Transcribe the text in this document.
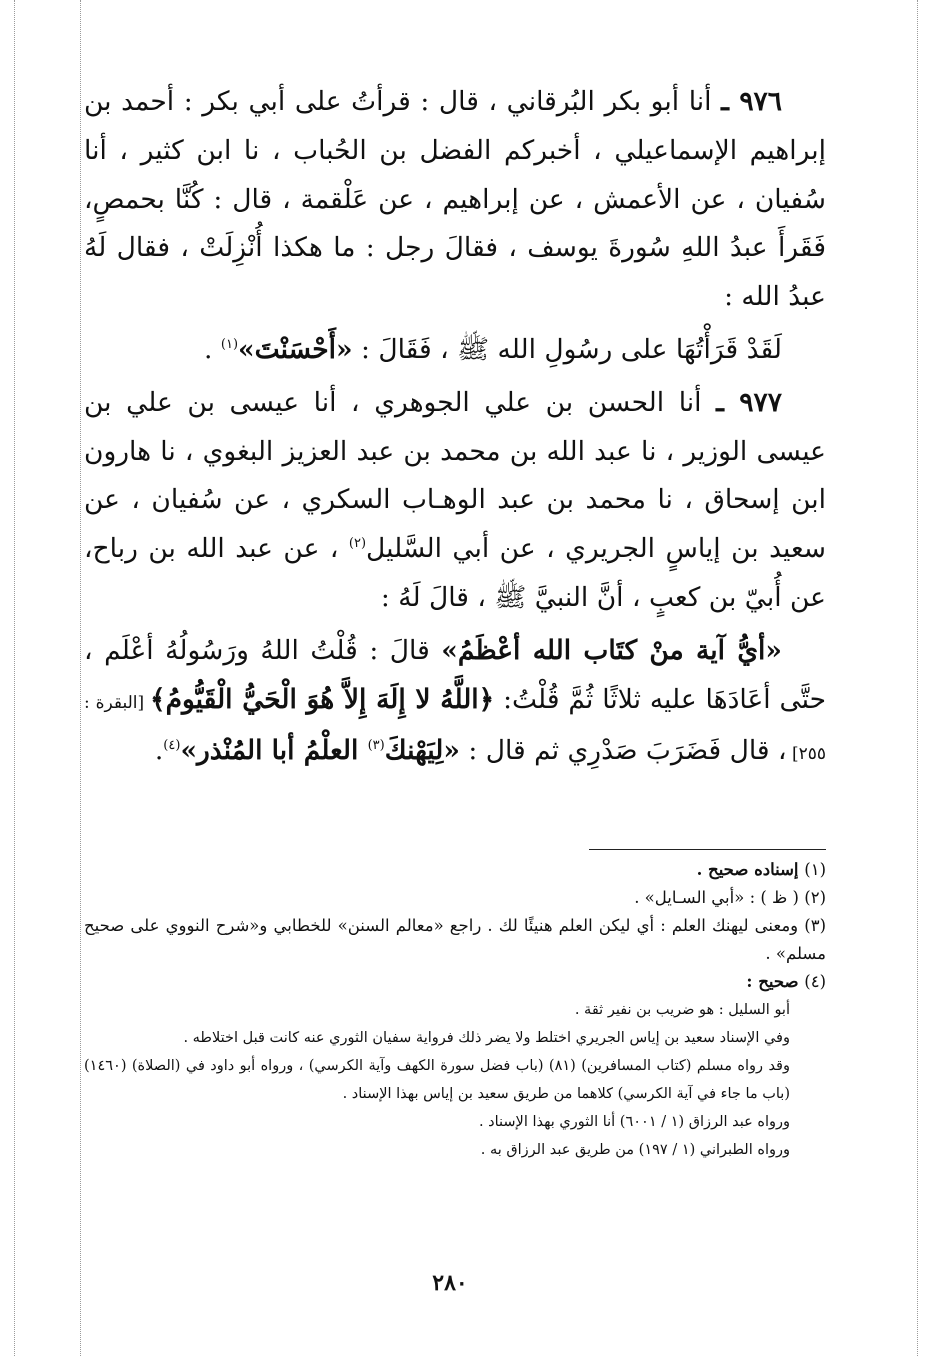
٩٧٦ ـ أنا أبو بكر البُرقاني ، قال : قرأتُ على أبي بكر : أحمد بن إبراهيم الإسماعيلي ، أخبركم الفضل بن الحُباب ، نا ابن كثير ، أنا سُفيان ، عن الأعمش ، عن إبراهيم ، عن عَلْقمة ، قال : كُنَّا بحمصٍ، فَقَرأَ عبدُ اللهِ سُورةَ يوسف ، فقالَ رجل : ما هكذا أُنْزِلَتْ ، فقال لَهُ عبدُ الله :

لَقَدْ قَرَأْتُهَا على رسُولِ الله ﷺ ، فَقَالَ : «أَحْسَنْتَ»$^{(١)}$ .

٩٧٧ ـ أنا الحسن بن علي الجوهري ، أنا عيسى بن علي بن عيسى الوزير ، نا عبد الله بن محمد بن عبد العزيز البغوي ، نا هارون ابن إسحاق ، نا محمد بن عبد الوهـاب السكري ، عن سُفيان ، عن سعيد بن إياسٍ الجريري ، عن أبي السَّليل$^{(٢)}$ ، عن عبد الله بن رباح، عن أُبيّ بن كعبٍ ، أنَّ النبيَّ ﷺ ، قالَ لَهُ :

«أيُّ آية منْ كتَاب الله أعْظَمُ» قالَ : قُلْتُ اللهُ ورَسُولُهُ أعْلَم ، حتَّى أعَادَهَا عليه ثلاثًا ثُمَّ قُلْتُ: ﴿اللَّهُ لا إِلَهَ إِلاَّ هُوَ الْحَيُّ الْقَيُّومُ﴾ [البقرة : ٢٥٥] ، قال فَضَرَبَ صَدْرِي ثم قال : «لِيَهْنكَ$^{(٣)}$ العلْمُ أبا المُنْذر»$^{(٤)}$.

(١) إسناده صحيح .

(٢) ( ظ ) : «أبي السـايل» .

(٣) ومعنى ليهنك العلم : أي ليكن العلم هنيئًا لك . راجع «معالم السنن» للخطابي و«شرح النووي على صحيح مسلم» .

(٤) صحيح :

أبو السليل : هو ضريب بن نفير ثقة .

وفي الإسناد سعيد بن إياس الجريري اختلط ولا يضر ذلك فرواية سفيان الثوري عنه كانت قبل اختلاطه .

وقد رواه مسلم (كتاب المسافرين) (٨١) (باب فضل سورة الكهف وآية الكرسي) ، ورواه أبو داود في (الصلاة) (١٤٦٠) (باب ما جاء في آية الكرسي) كلاهما من طريق سعيد بن إياس بهذا الإسناد .

ورواه عبد الرزاق (١ / ٦٠٠١) أنا الثوري بهذا الإسناد .

ورواه الطبراني (١ / ١٩٧) من طريق عبد الرزاق به .

٢٨٠
